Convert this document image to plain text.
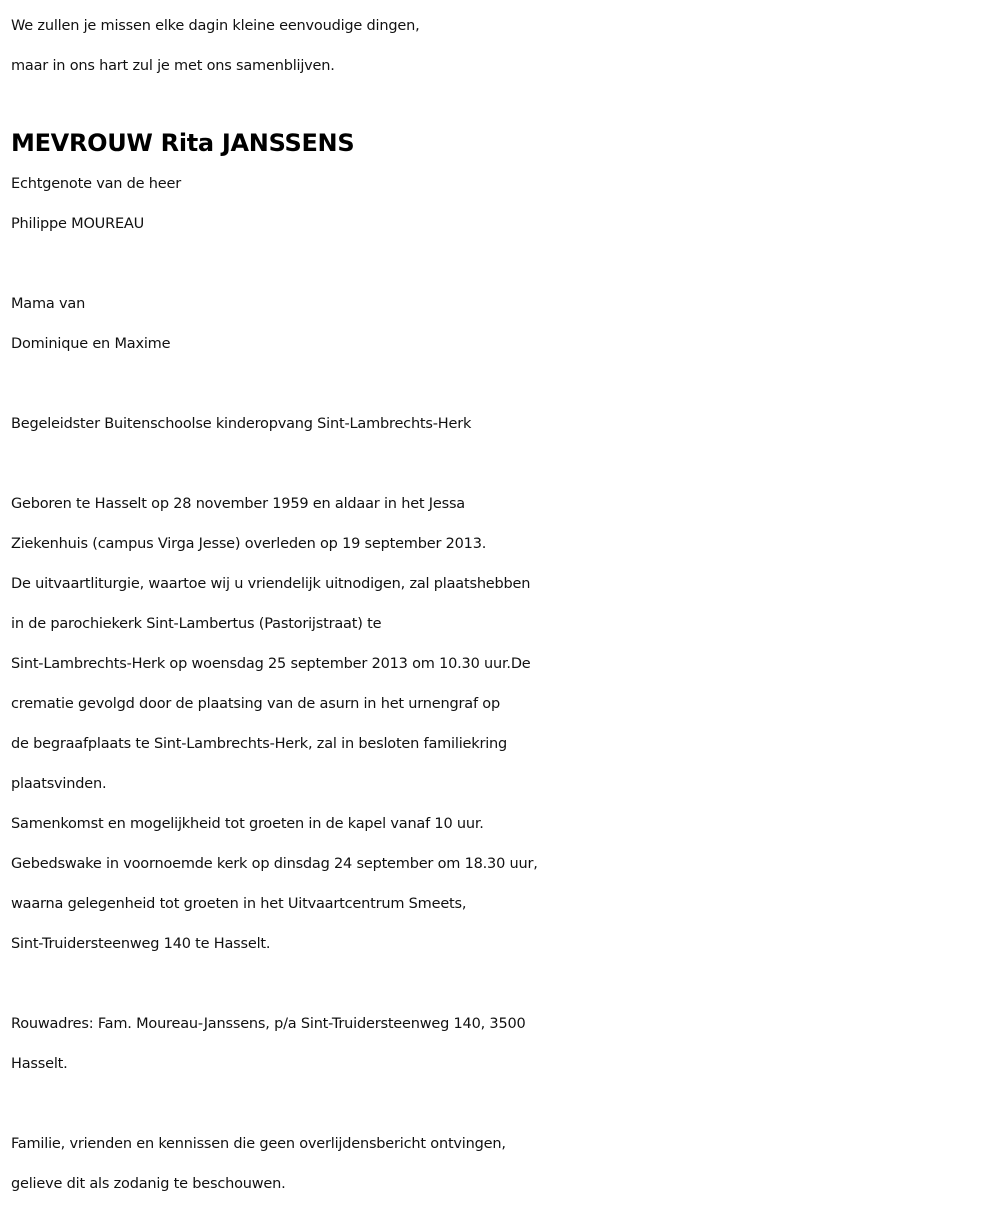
We zullen je missen elke dagin kleine eenvoudige dingen,
maar in ons hart zul je met ons samenblijven.
MEVROUW Rita JANSSENS
Echtgenote van de heer
Philippe MOUREAU
Mama van
Dominique en Maxime
Begeleidster Buitenschoolse kinderopvang Sint-Lambrechts-Herk
Geboren te Hasselt op 28 november 1959 en aldaar in het Jessa
Ziekenhuis (campus Virga Jesse) overleden op 19 september 2013.
De uitvaartliturgie, waartoe wij u vriendelijk uitnodigen, zal plaatshebben
in de parochiekerk Sint-Lambertus (Pastorijstraat) te
Sint-Lambrechts-Herk op woensdag 25 september 2013 om 10.30 uur.De
crematie gevolgd door de plaatsing van de asurn in het urnengraf op
de begraafplaats te Sint-Lambrechts-Herk, zal in besloten familiekring
plaatsvinden.
Samenkomst en mogelijkheid tot groeten in de kapel vanaf 10 uur.
Gebedswake in voornoemde kerk op dinsdag 24 september om 18.30 uur,
waarna gelegenheid tot groeten in het Uitvaartcentrum Smeets,
Sint-Truidersteenweg 140 te Hasselt.
Rouwadres: Fam. Moureau-Janssens, p/a Sint-Truidersteenweg 140, 3500
Hasselt.
Familie, vrienden en kennissen die geen overlijdensbericht ontvingen,
gelieve dit als zodanig te beschouwen.
